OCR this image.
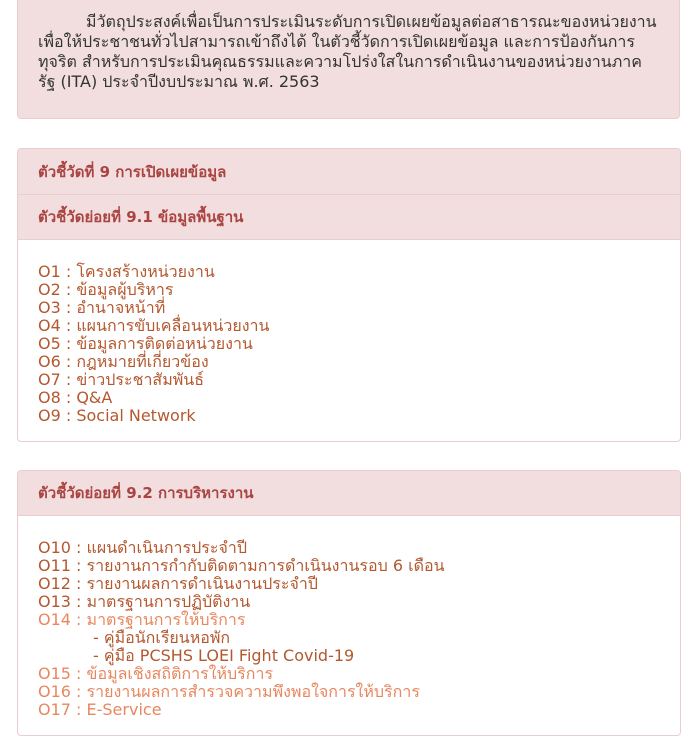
มีวัตถุประสงค์เพื่อเป็นการประเมินระดับการเปิดเผยข้อมูลต่อสาธารณะของหน่วยงาน เพื่อให้ประชาชนทั่วไปสามารถเข้าถึงได้ ในตัวชี้วัดการเปิดเผยข้อมูล และการป้องกันการทุจริต สำหรับการประเมินคุณธรรมและความโปร่งใสในการดำเนินงานของหน่วยงานภาครัฐ (ITA) ประจำปีงบประมาณ พ.ศ. 2563
ตัวชี้วัดที่ 9 การเปิดเผยข้อมูล
ตัวชี้วัดย่อยที่ 9.1 ข้อมูลพื้นฐาน
O1 : โครงสร้างหน่วยงาน
O2 : ข้อมูลผู้บริหาร
O3 : อำนาจหน้าที่
O4 : แผนการขับเคลื่อนหน่วยงาน
O5 : ข้อมูลการติดต่อหน่วยงาน
O6 : กฎหมายที่เกี่ยวข้อง
O7 : ข่าวประชาสัมพันธ์
O8 : Q&A
O9 : Social Network
ตัวชี้วัดย่อยที่ 9.2 การบริหารงาน
O10 : แผนดำเนินการประจำปี
O11 : รายงานการกำกับติดตามการดำเนินงานรอบ 6 เดือน
O12 : รายงานผลการดำเนินงานประจำปี
O13 : มาตรฐานการปฏิบัติงาน
O14 : มาตรฐานการให้บริการ
- คู่มือนักเรียนหอพัก
- คู่มือ PCSHS LOEI Fight Covid-19
O15 : ข้อมูลเชิงสถิติการให้บริการ
O16 : รายงานผลการสำรวจความพึงพอใจการให้บริการ
O17 : E-Service
